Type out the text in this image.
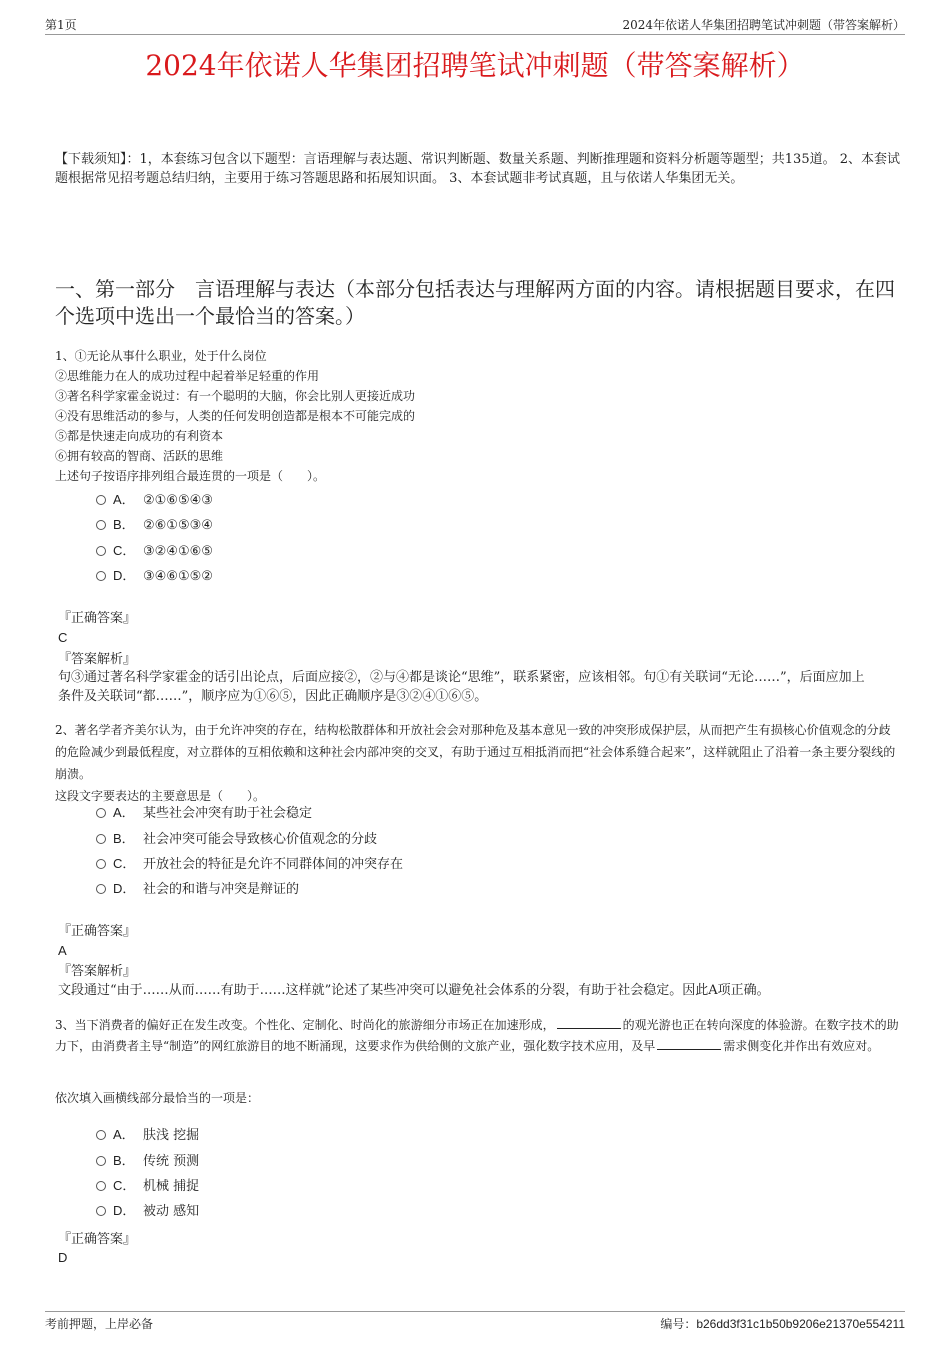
第1页	2024年依诺人华集团招聘笔试冲刺题（带答案解析）
2024年依诺人华集团招聘笔试冲刺题（带答案解析）
【下载须知】：1，本套练习包含以下题型：言语理解与表达题、常识判断题、数量关系题、判断推理题和资料分析题等题型；共135道。 2、本套试题根据常见招考题总结归纳，主要用于练习答题思路和拓展知识面。 3、本套试题非考试真题，且与依诺人华集团无关。
一、第一部分　言语理解与表达（本部分包括表达与理解两方面的内容。请根据题目要求，在四个选项中选出一个最恰当的答案。）

1、①无论从事什么职业，处于什么岗位

②思维能力在人的成功过程中起着举足轻重的作用

③著名科学家霍金说过：有一个聪明的大脑，你会比别人更接近成功

④没有思维活动的参与，人类的任何发明创造都是根本不可能完成的

⑤都是快速走向成功的有利资本

⑥拥有较高的智商、活跃的思维

上述句子按语序排列组合最连贯的一项是（　　）。

A． ②①⑥⑤④③
B． ②⑥①⑤③④
C． ③②④①⑥⑤
D． ③④⑥①⑤②
『正确答案』
C
『答案解析』
句③通过著名科学家霍金的话引出论点，后面应接②，②与④都是谈论“思维”，联系紧密，应该相邻。句①有关联词“无论……”，后面应加上条件及关联词“都……”，顺序应为①⑥⑤，因此正确顺序是③②④①⑥⑤。

2、著名学者齐美尔认为，由于允许冲突的存在，结构松散群体和开放社会会对那种危及基本意见一致的冲突形成保护层，从而把产生有损核心价值观念的分歧的危险减少到最低程度，对立群体的互相依赖和这种社会内部冲突的交叉，有助于通过互相抵消而把“社会体系缝合起来”，这样就阻止了沿着一条主要分裂线的崩溃。

这段文字要表达的主要意思是（　　）。

A． 某些社会冲突有助于社会稳定
B． 社会冲突可能会导致核心价值观念的分歧
C． 开放社会的特征是允许不同群体间的冲突存在
D． 社会的和谐与冲突是辩证的
『正确答案』
A
『答案解析』
文段通过“由于……从而……有助于……这样就”论述了某些冲突可以避免社会体系的分裂，有助于社会稳定。因此A项正确。

3、当下消费者的偏好正在发生改变。个性化、定制化、时尚化的旅游细分市场正在加速形成，	的观光游也正在转向深度的体验游。在数字技术的助力下，由消费者主导“制造”的网红旅游目的地不断涌现，这要求作为供给侧的文旅产业，强化数字技术应用，及早	需求侧变化并作出有效应对。

依次填入画横线部分最恰当的一项是：
A． 肤浅 挖掘
B． 传统 预测
C． 机械 捕捉
D． 被动 感知
『正确答案』
D
考前押题，上岸必备	编号：b26dd3f31c1b50b9206e21370e554211
